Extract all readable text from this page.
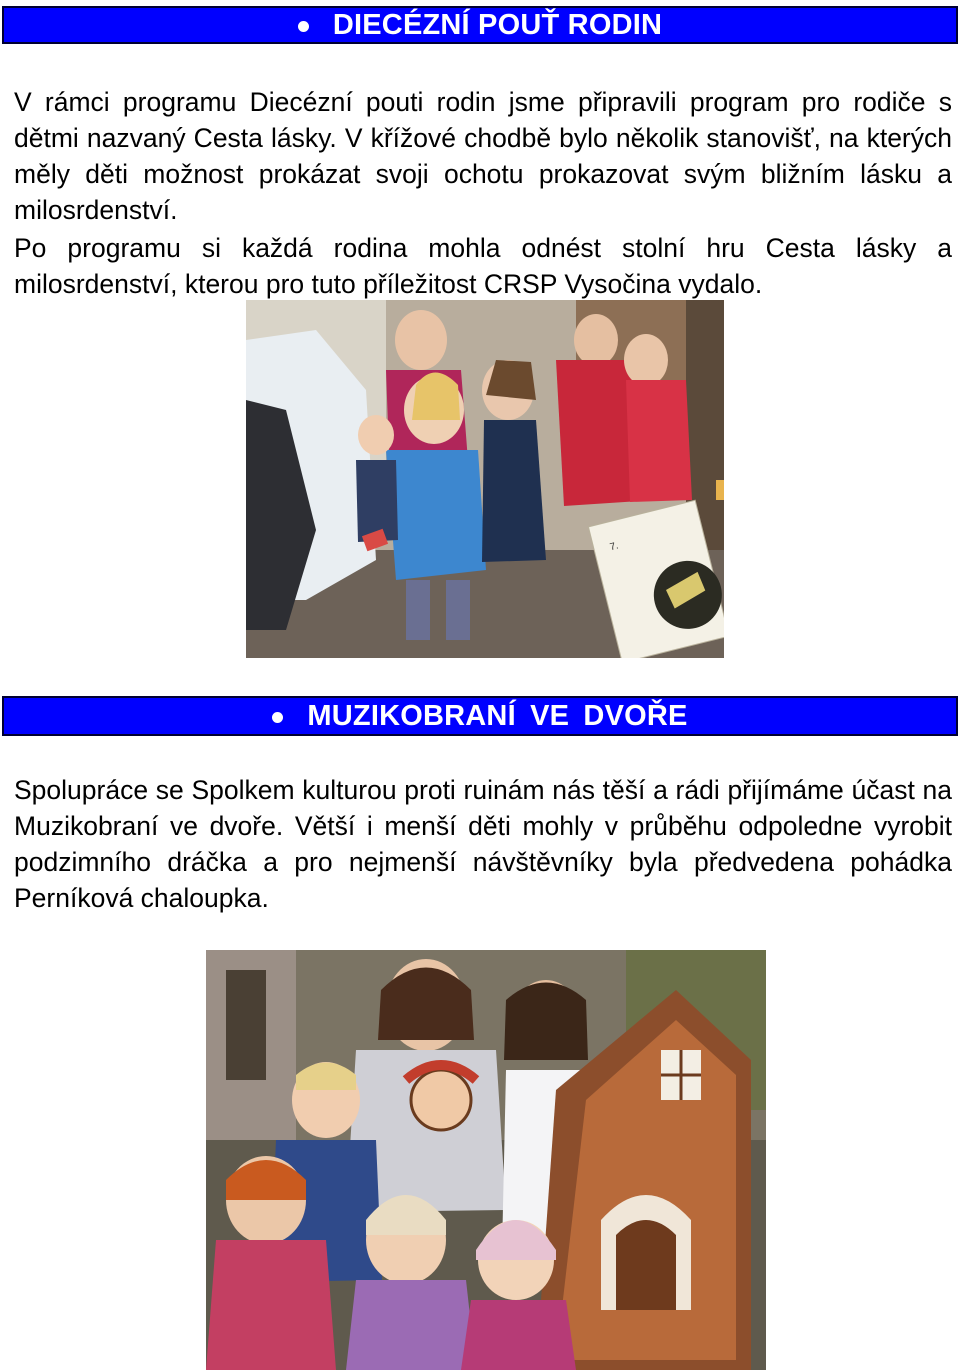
DIECÉZNÍ POUŤ RODIN

V rámci programu Diecézní pouti rodin jsme připravili program pro rodiče s dětmi nazvaný Cesta lásky. V křížové chodbě bylo několik stanovišť, na kterých měly děti možnost prokázat svoji ochotu prokazovat svým bližním lásku a milosrdenství.

Po programu si každá rodina mohla odnést stolní hru Cesta lásky a milosrdenství, kterou pro tuto příležitost CRSP Vysočina vydalo.

7.
MUZIKOBRANÍ VE DVOŘE

Spolupráce se Spolkem kulturou proti ruinám nás těší a rádi přijímáme účast na Muzikobraní ve dvoře. Větší i menší děti mohly v průběhu odpoledne vyrobit podzimního dráčka a pro nejmenší návštěvníky byla předvedena pohádka Perníková chaloupka.
